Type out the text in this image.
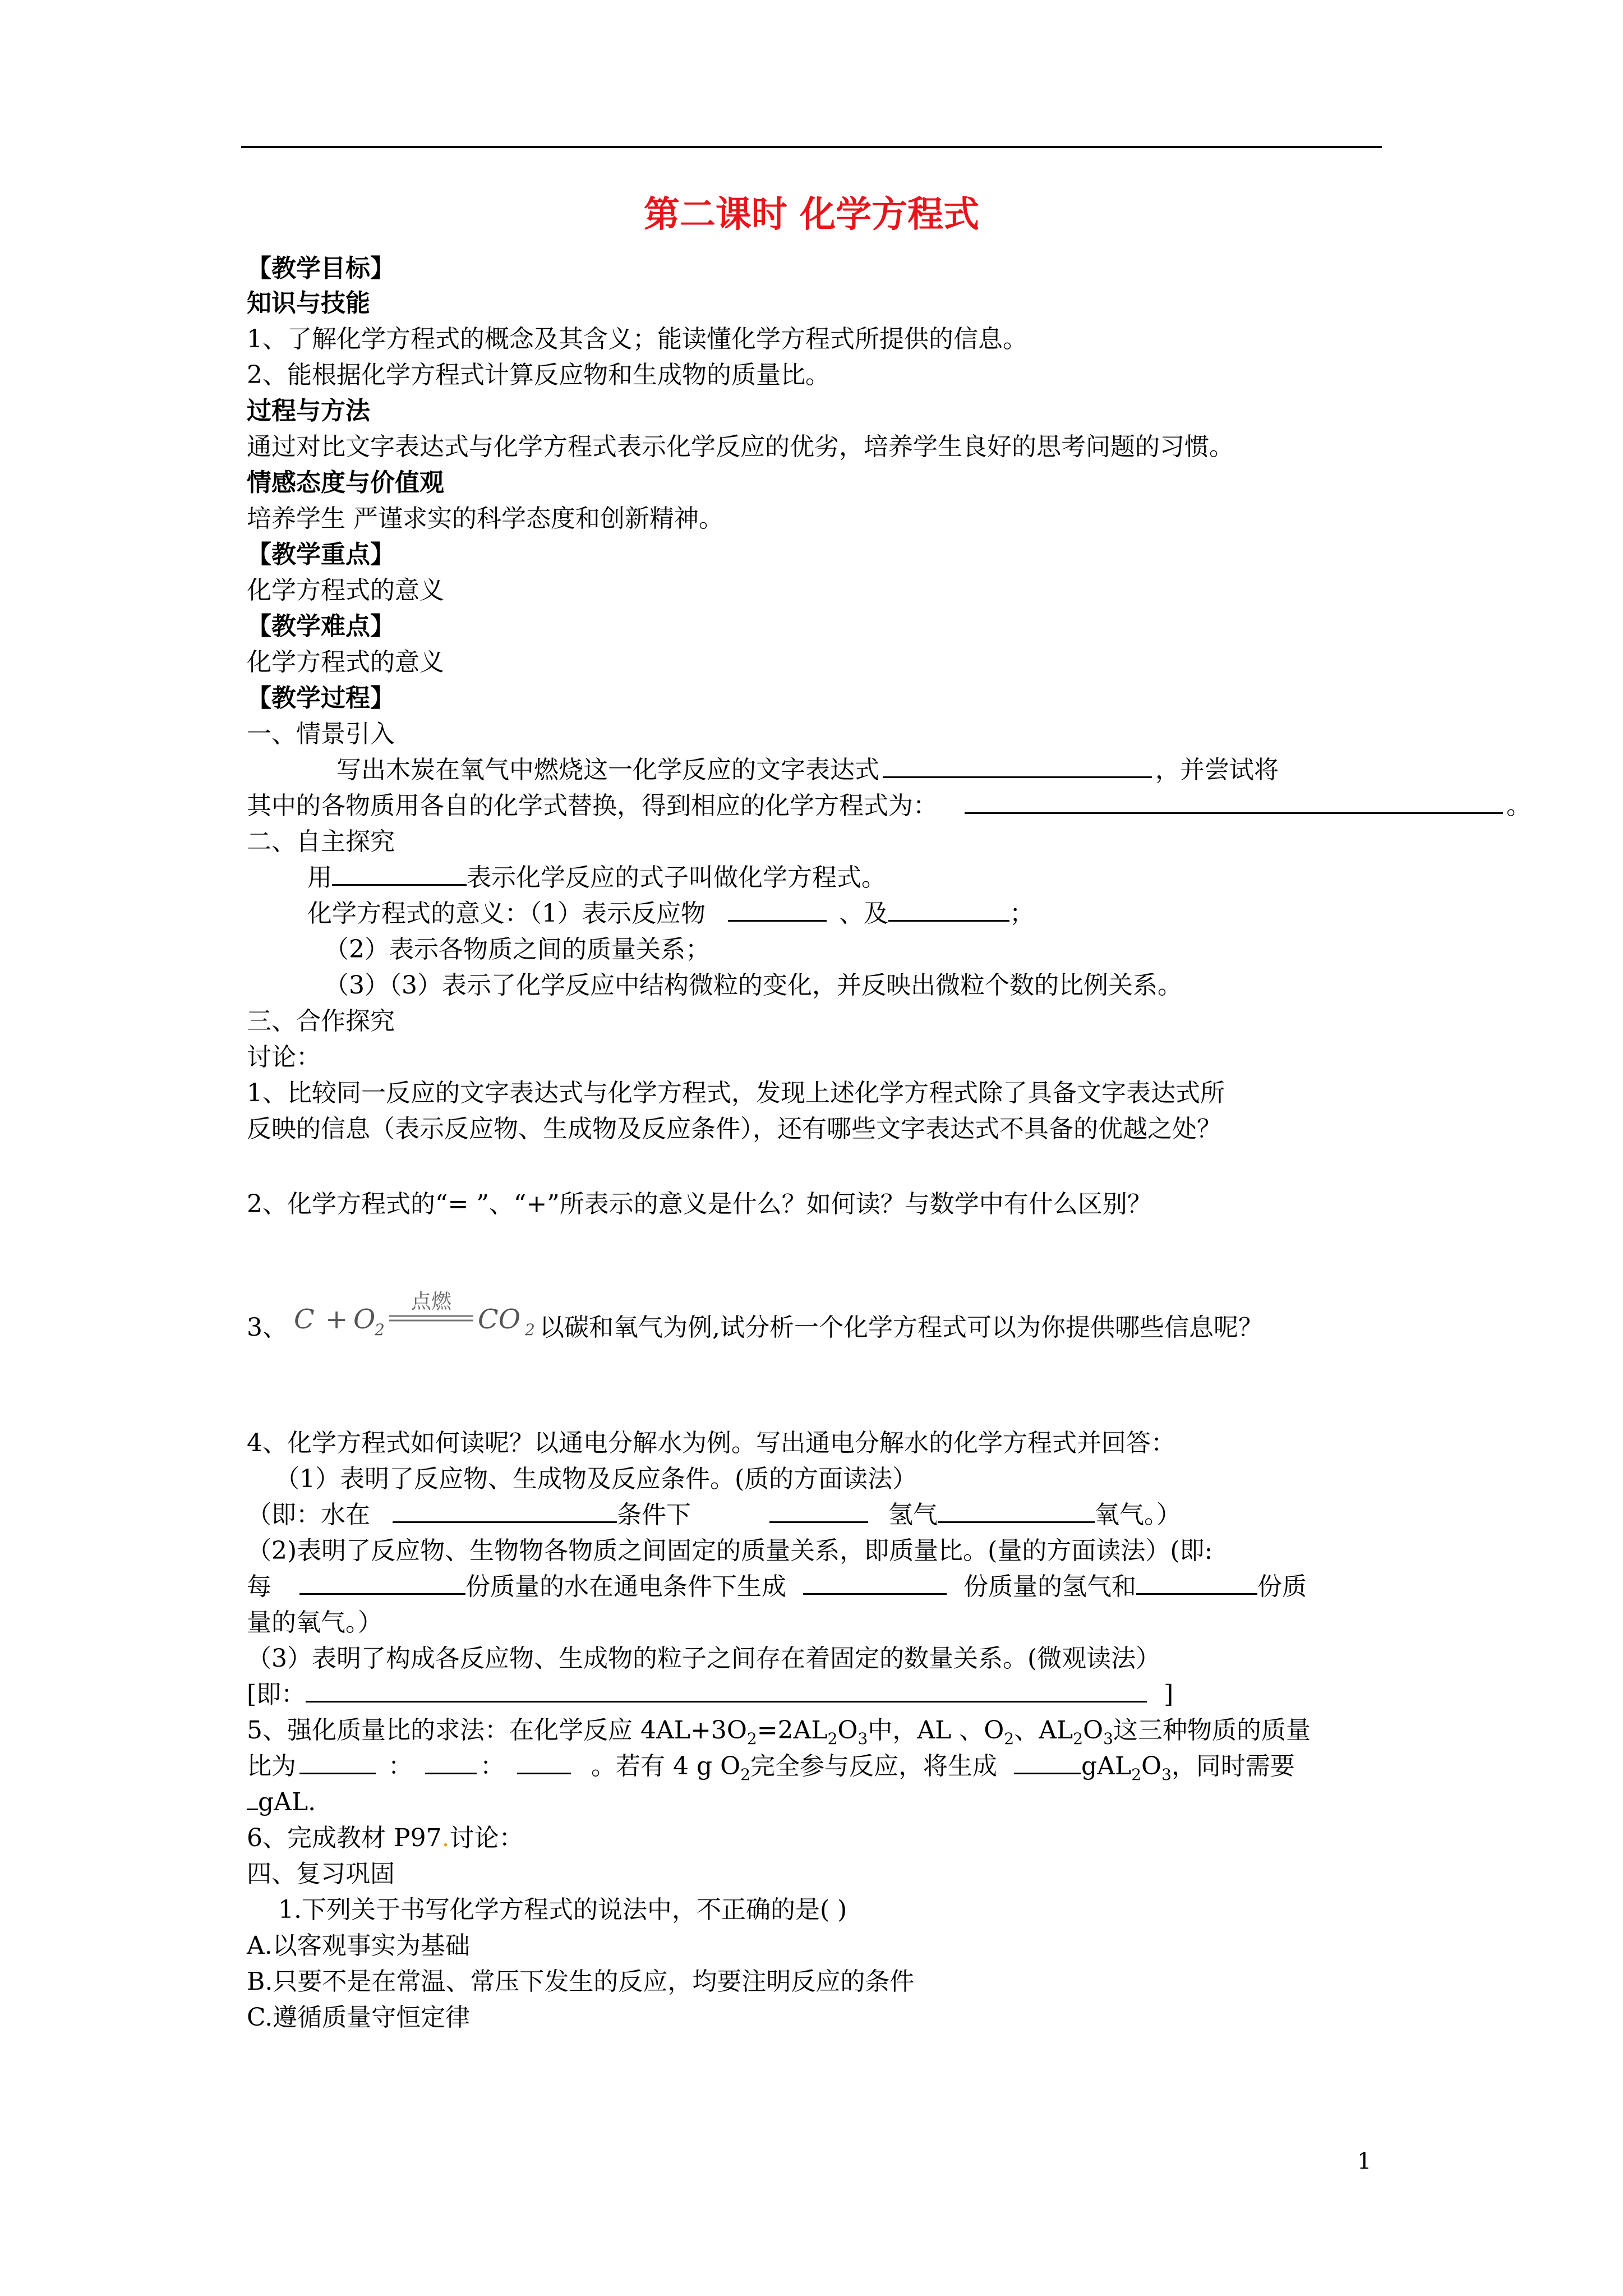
第二课时 化学方程式
【教学目标】
知识与技能
1、了解化学方程式的概念及其含义；能读懂化学方程式所提供的信息。
2、能根据化学方程式计算反应物和生成物的质量比。
过程与方法
通过对比文字表达式与化学方程式表示化学反应的优劣，培养学生良好的思考问题的习惯。
情感态度与价值观
培养学生 严谨求实的科学态度和创新精神。
【教学重点】
化学方程式的意义
【教学难点】
化学方程式的意义
【教学过程】
一、情景引入
写出木炭在氧气中燃烧这一化学反应的文字表达式	，并尝试将
其中的各物质用各自的化学式替换，得到相应的化学方程式为：	。
二、自主探究
用	表示化学反应的式子叫做化学方程式。
化学方程式的意义：（1）表示反应物	、及	；
（2）表示各物质之间的质量关系；
（3）（3）表示了化学反应中结构微粒的变化，并反映出微粒个数的比例关系。
三、合作探究
讨论：
1、比较同一反应的文字表达式与化学方程式，发现上述化学方程式除了具备文字表达式所
反映的信息（表示反应物、生成物及反应条件），还有哪些文字表达式不具备的优越之处？
2、化学方程式的“= ”、“+”所表示的意义是什么？如何读？与数学中有什么区别？
3、 C + O
2	CO 2
点燃
以碳和氧气为例,试分析一个化学方程式可以为你提供哪些信息呢？
4、化学方程式如何读呢？以通电分解水为例。写出通电分解水的化学方程式并回答：
（1）表明了反应物、生成物及反应条件。(质的方面读法）
（即：水在	条件下	氢气	氧气。）
（2)表明了反应物、生物物各物质之间固定的质量关系，即质量比。(量的方面读法）(即:
每	份质量的水在通电条件下生成	份质量的氢气和	份质
量的氧气。）
（3）表明了构成各反应物、生成物的粒子之间存在着固定的数量关系。(微观读法）
[即：	]
5、强化质量比的求法：在化学反应 $4AL+3O_2=2AL_2O_3$中，AL 、$O_2$、$AL_2O_3$这三种物质的质量
比为	：	：	。若有 4 g $O_2$完全参与反应，将生成	$gAL_2O_3$，同时需要
gAL.
6、完成教材 P97.讨论：
四、复习巩固
1.下列关于书写化学方程式的说法中，不正确的是( )
A.以客观事实为基础
B.只要不是在常温、常压下发生的反应，均要注明反应的条件
C.遵循质量守恒定律
1
